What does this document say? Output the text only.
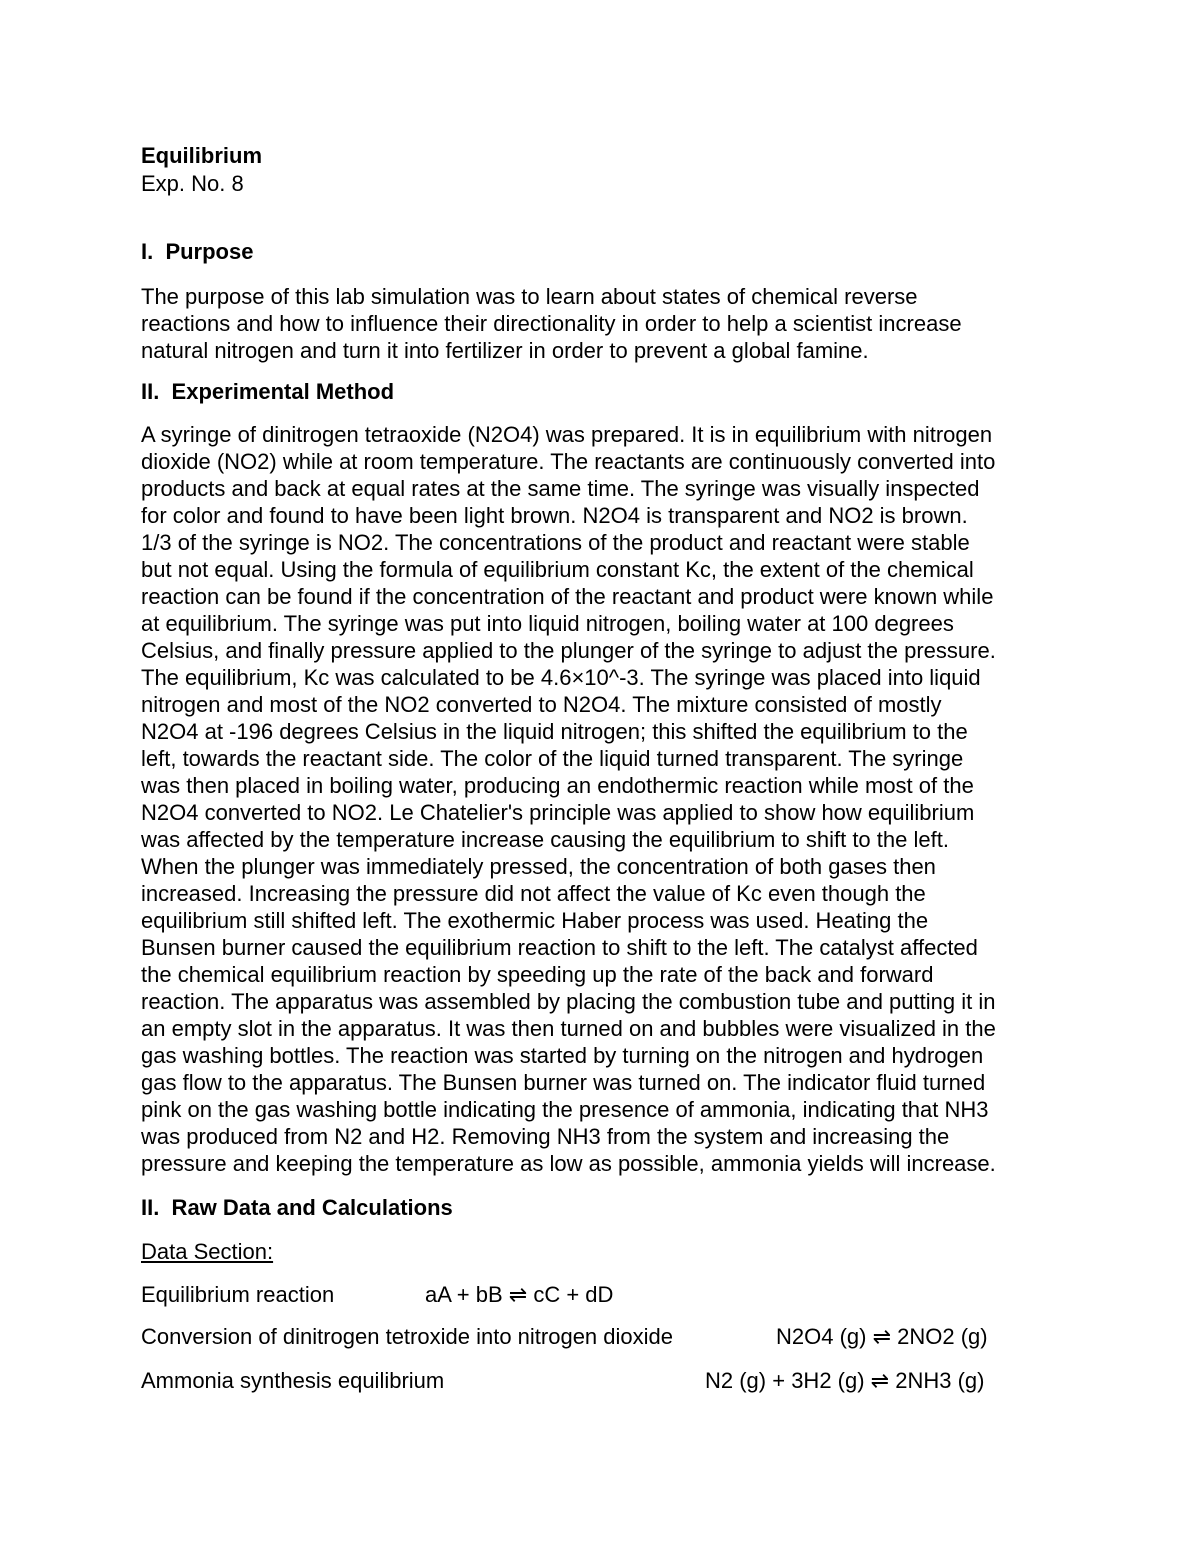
Equilibrium
Exp. No. 8
I.  Purpose
The purpose of this lab simulation was to learn about states of chemical reverse
reactions and how to influence their directionality in order to help a scientist increase
natural nitrogen and turn it into fertilizer in order to prevent a global famine.
II.  Experimental Method
A syringe of dinitrogen tetraoxide (N2O4) was prepared. It is in equilibrium with nitrogen
dioxide (NO2) while at room temperature. The reactants are continuously converted into
products and back at equal rates at the same time. The syringe was visually inspected
for color and found to have been light brown. N2O4 is transparent and NO2 is brown.
1/3 of the syringe is NO2. The concentrations of the product and reactant were stable
but not equal. Using the formula of equilibrium constant Kc, the extent of the chemical
reaction can be found if the concentration of the reactant and product were known while
at equilibrium. The syringe was put into liquid nitrogen, boiling water at 100 degrees
Celsius, and finally pressure applied to the plunger of the syringe to adjust the pressure.
The equilibrium, Kc was calculated to be 4.6×10^-3. The syringe was placed into liquid
nitrogen and most of the NO2 converted to N2O4. The mixture consisted of mostly
N2O4 at -196 degrees Celsius in the liquid nitrogen; this shifted the equilibrium to the
left, towards the reactant side. The color of the liquid turned transparent. The syringe
was then placed in boiling water, producing an endothermic reaction while most of the
N2O4 converted to NO2. Le Chatelier's principle was applied to show how equilibrium
was affected by the temperature increase causing the equilibrium to shift to the left.
When the plunger was immediately pressed, the concentration of both gases then
increased. Increasing the pressure did not affect the value of Kc even though the
equilibrium still shifted left. The exothermic Haber process was used. Heating the
Bunsen burner caused the equilibrium reaction to shift to the left. The catalyst affected
the chemical equilibrium reaction by speeding up the rate of the back and forward
reaction. The apparatus was assembled by placing the combustion tube and putting it in
an empty slot in the apparatus. It was then turned on and bubbles were visualized in the
gas washing bottles. The reaction was started by turning on the nitrogen and hydrogen
gas flow to the apparatus. The Bunsen burner was turned on. The indicator fluid turned
pink on the gas washing bottle indicating the presence of ammonia, indicating that NH3
was produced from N2 and H2. Removing NH3 from the system and increasing the
pressure and keeping the temperature as low as possible, ammonia yields will increase.
II.  Raw Data and Calculations
Data Section:
Equilibrium reaction	aA + bB ⇌ cC + dD
Conversion of dinitrogen tetroxide into nitrogen dioxide	N2O4 (g) ⇌ 2NO2 (g)
Ammonia synthesis equilibrium	N2 (g) + 3H2 (g) ⇌ 2NH3 (g)
